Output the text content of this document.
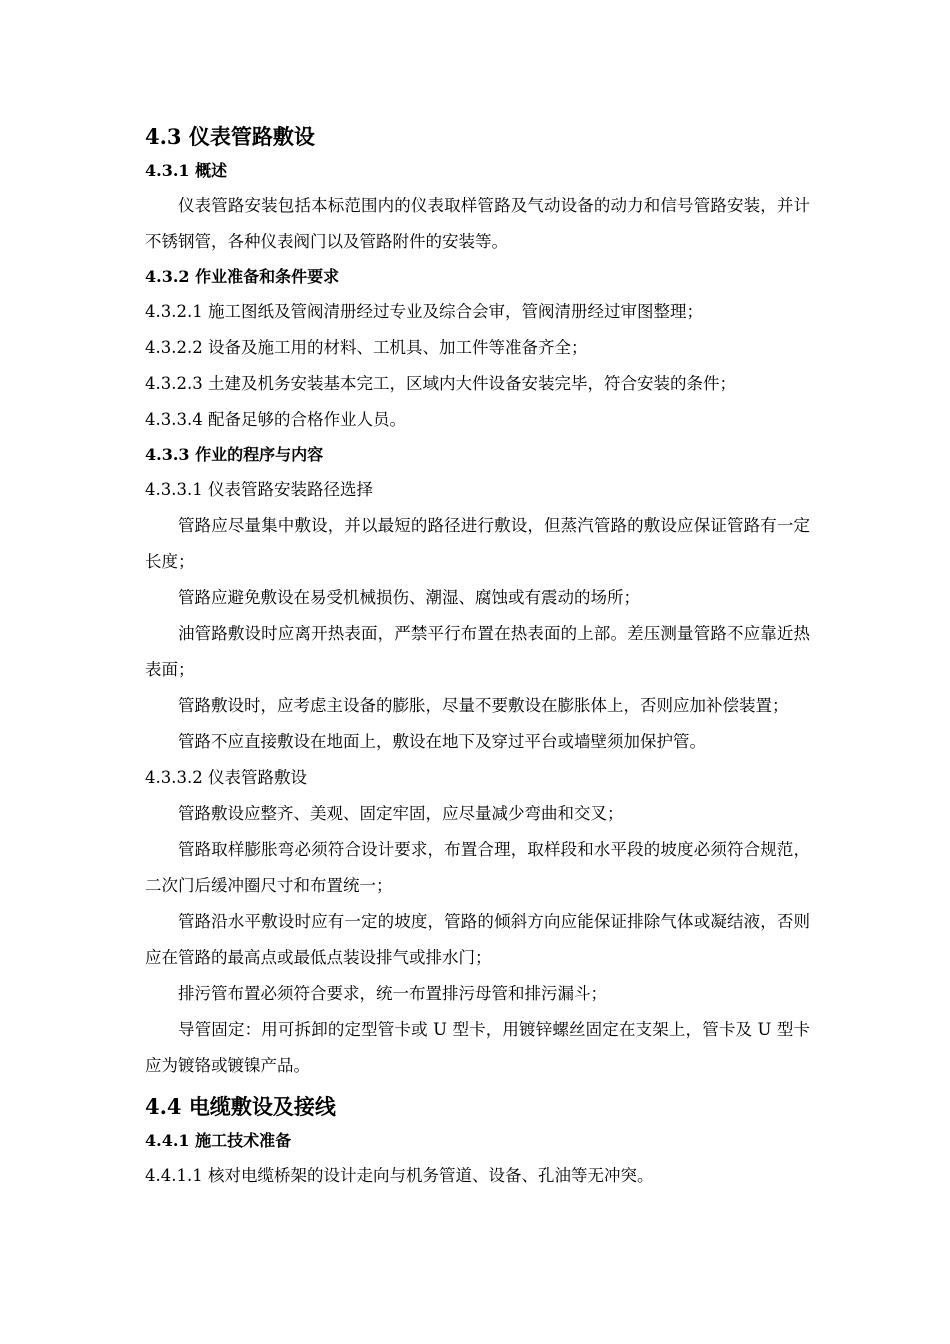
4.3 仪表管路敷设
4.3.1 概述

仪表管路安装包括本标范围内的仪表取样管路及气动设备的动力和信号管路安装，并计不锈钢管，各种仪表阀门以及管路附件的安装等。

4.3.2 作业准备和条件要求

4.3.2.1 施工图纸及管阀清册经过专业及综合会审，管阀清册经过审图整理；

4.3.2.2 设备及施工用的材料、工机具、加工件等准备齐全；

4.3.2.3 土建及机务安装基本完工，区域内大件设备安装完毕，符合安装的条件；

4.3.3.4 配备足够的合格作业人员。

4.3.3 作业的程序与内容

4.3.3.1 仪表管路安装路径选择

管路应尽量集中敷设，并以最短的路径进行敷设，但蒸汽管路的敷设应保证管路有一定长度；

管路应避免敷设在易受机械损伤、潮湿、腐蚀或有震动的场所；

油管路敷设时应离开热表面，严禁平行布置在热表面的上部。差压测量管路不应靠近热表面；

管路敷设时，应考虑主设备的膨胀，尽量不要敷设在膨胀体上，否则应加补偿装置；

管路不应直接敷设在地面上，敷设在地下及穿过平台或墙壁须加保护管。

4.3.3.2 仪表管路敷设

管路敷设应整齐、美观、固定牢固，应尽量减少弯曲和交叉；

管路取样膨胀弯必须符合设计要求，布置合理，取样段和水平段的坡度必须符合规范，二次门后缓冲圈尺寸和布置统一；

管路沿水平敷设时应有一定的坡度，管路的倾斜方向应能保证排除气体或凝结液，否则应在管路的最高点或最低点装设排气或排水门；

排污管布置必须符合要求，统一布置排污母管和排污漏斗；

导管固定：用可拆卸的定型管卡或 U 型卡，用镀锌螺丝固定在支架上，管卡及 U 型卡应为镀铬或镀镍产品。

4.4 电缆敷设及接线
4.4.1 施工技术准备

4.4.1.1 核对电缆桥架的设计走向与机务管道、设备、孔油等无冲突。
